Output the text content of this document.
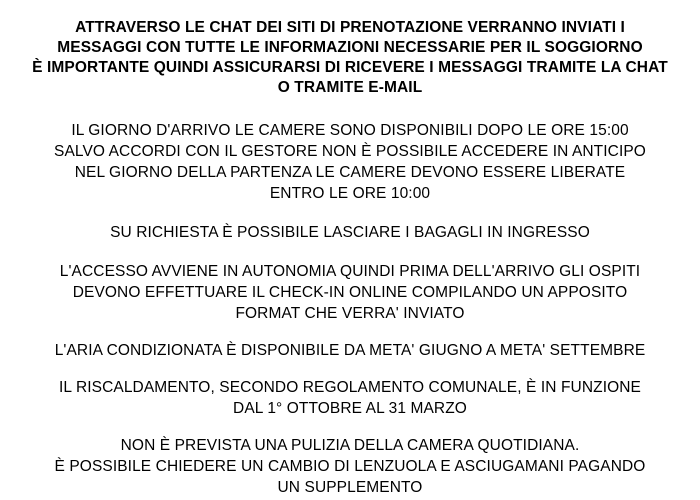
ATTRAVERSO LE CHAT DEI SITI DI PRENOTAZIONE VERRANNO INVIATI I
MESSAGGI CON TUTTE LE INFORMAZIONI NECESSARIE PER IL SOGGIORNO
È IMPORTANTE QUINDI ASSICURARSI DI RICEVERE I MESSAGGI TRAMITE LA CHAT
O TRAMITE E-MAIL
IL GIORNO D'ARRIVO LE CAMERE SONO DISPONIBILI DOPO LE ORE 15:00
SALVO ACCORDI CON IL GESTORE NON È POSSIBILE ACCEDERE IN ANTICIPO
NEL GIORNO DELLA PARTENZA LE CAMERE DEVONO ESSERE LIBERATE
ENTRO LE ORE 10:00
SU RICHIESTA È POSSIBILE LASCIARE I BAGAGLI IN INGRESSO
L'ACCESSO AVVIENE IN AUTONOMIA QUINDI PRIMA DELL'ARRIVO GLI OSPITI
DEVONO EFFETTUARE IL CHECK-IN ONLINE COMPILANDO UN APPOSITO
FORMAT CHE VERRA' INVIATO
L'ARIA CONDIZIONATA È DISPONIBILE DA META' GIUGNO A META' SETTEMBRE
IL RISCALDAMENTO, SECONDO REGOLAMENTO COMUNALE, È IN FUNZIONE
DAL 1° OTTOBRE AL 31 MARZO
NON È PREVISTA UNA PULIZIA DELLA CAMERA QUOTIDIANA.
È POSSIBILE CHIEDERE UN CAMBIO DI LENZUOLA E ASCIUGAMANI PAGANDO
UN SUPPLEMENTO
